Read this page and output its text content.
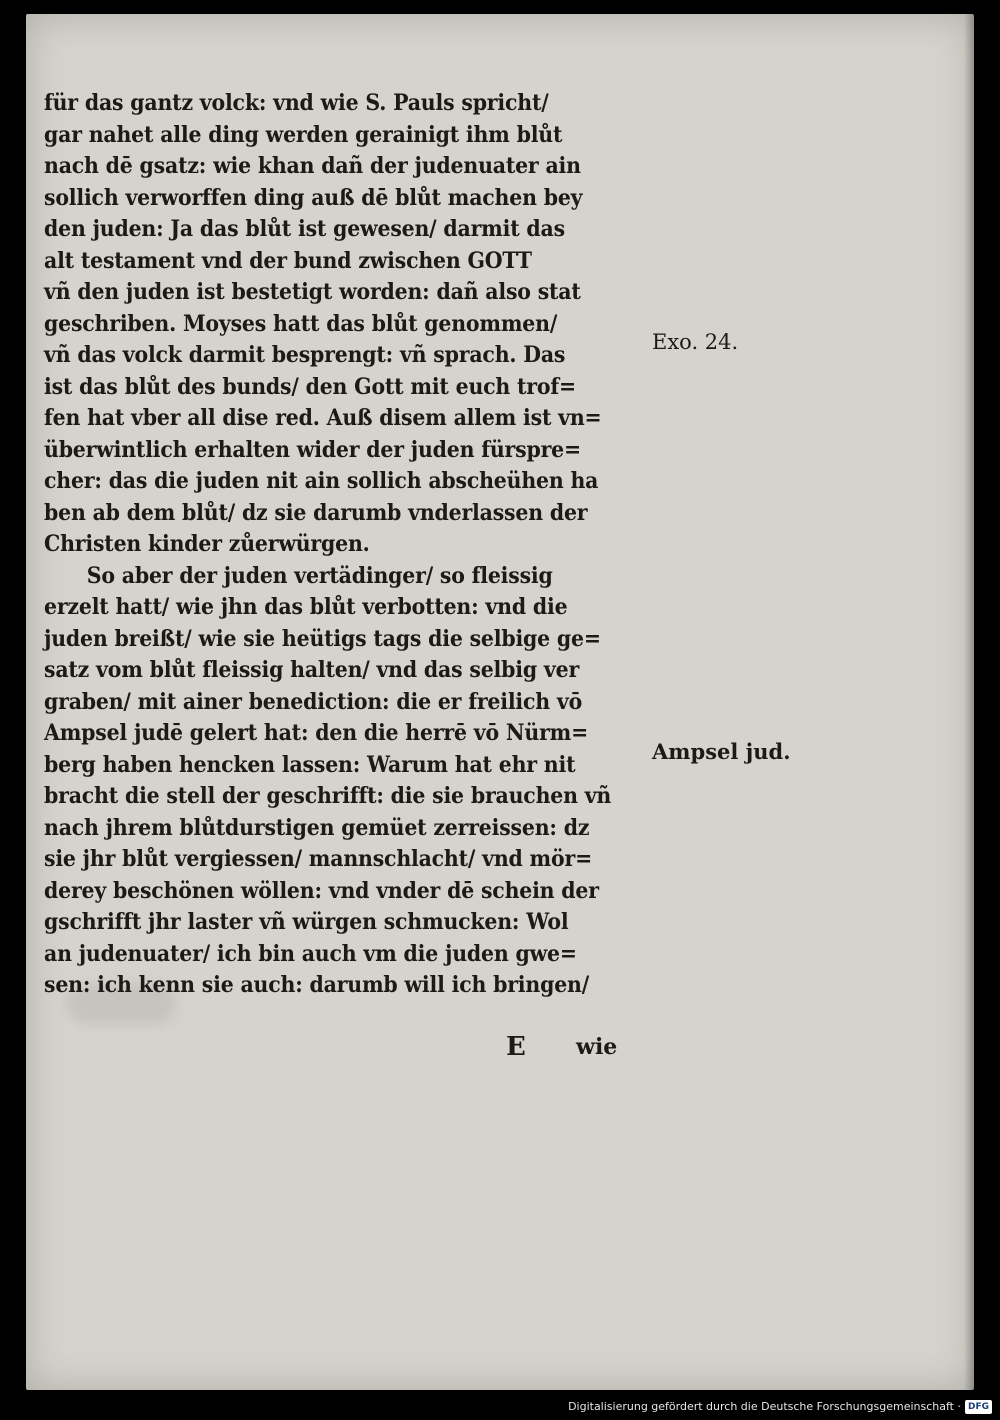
für das gantz volck: vnd wie S. Pauls spricht/
gar nahet alle ding werden gerainigt ihm blůt
nach dē gsatz: wie khan dañ der judenuater ain
sollich verworffen ding auß dē blůt machen bey
den juden: Ja das blůt ist gewesen/ darmit das
alt testament vnd der bund zwischen GOTT
vñ den juden ist bestetigt worden: dañ also stat
geschriben. Moyses hatt das blůt genommen/
vñ das volck darmit besprengt: vñ sprach. Das
ist das blůt des bunds/ den Gott mit euch trof=
fen hat vber all dise red. Auß disem allem ist vn=
überwintlich erhalten wider der juden fürspre=
cher: das die juden nit ain sollich abscheühen ha
ben ab dem blůt/ dz sie darumb vnderlassen der
Christen kinder zůerwürgen.
So aber der juden vertädinger/ so fleissig
erzelt hatt/ wie jhn das blůt verbotten: vnd die
juden breißt/ wie sie heütigs tags die selbige ge=
satz vom blůt fleissig halten/ vnd das selbig ver
graben/ mit ainer benediction: die er freilich vō
Ampsel judē gelert hat: den die herrē vō Nürm=
berg haben hencken lassen: Warum hat ehr nit
bracht die stell der geschrifft: die sie brauchen vñ
nach jhrem blůtdurstigen gemüet zerreissen: dz
sie jhr blůt vergiessen/ mannschlacht/ vnd mör=
derey beschönen wöllen: vnd vnder dē schein der
gschrifft jhr laster vñ würgen schmucken: Wol
an judenuater/ ich bin auch vm die juden gwe=
sen: ich kenn sie auch: darumb will ich bringen/
Exo. 24.
Ampsel jud.
E wie
Digitalisierung gefördert durch die Deutsche Forschungsgemeinschaft · DFG
